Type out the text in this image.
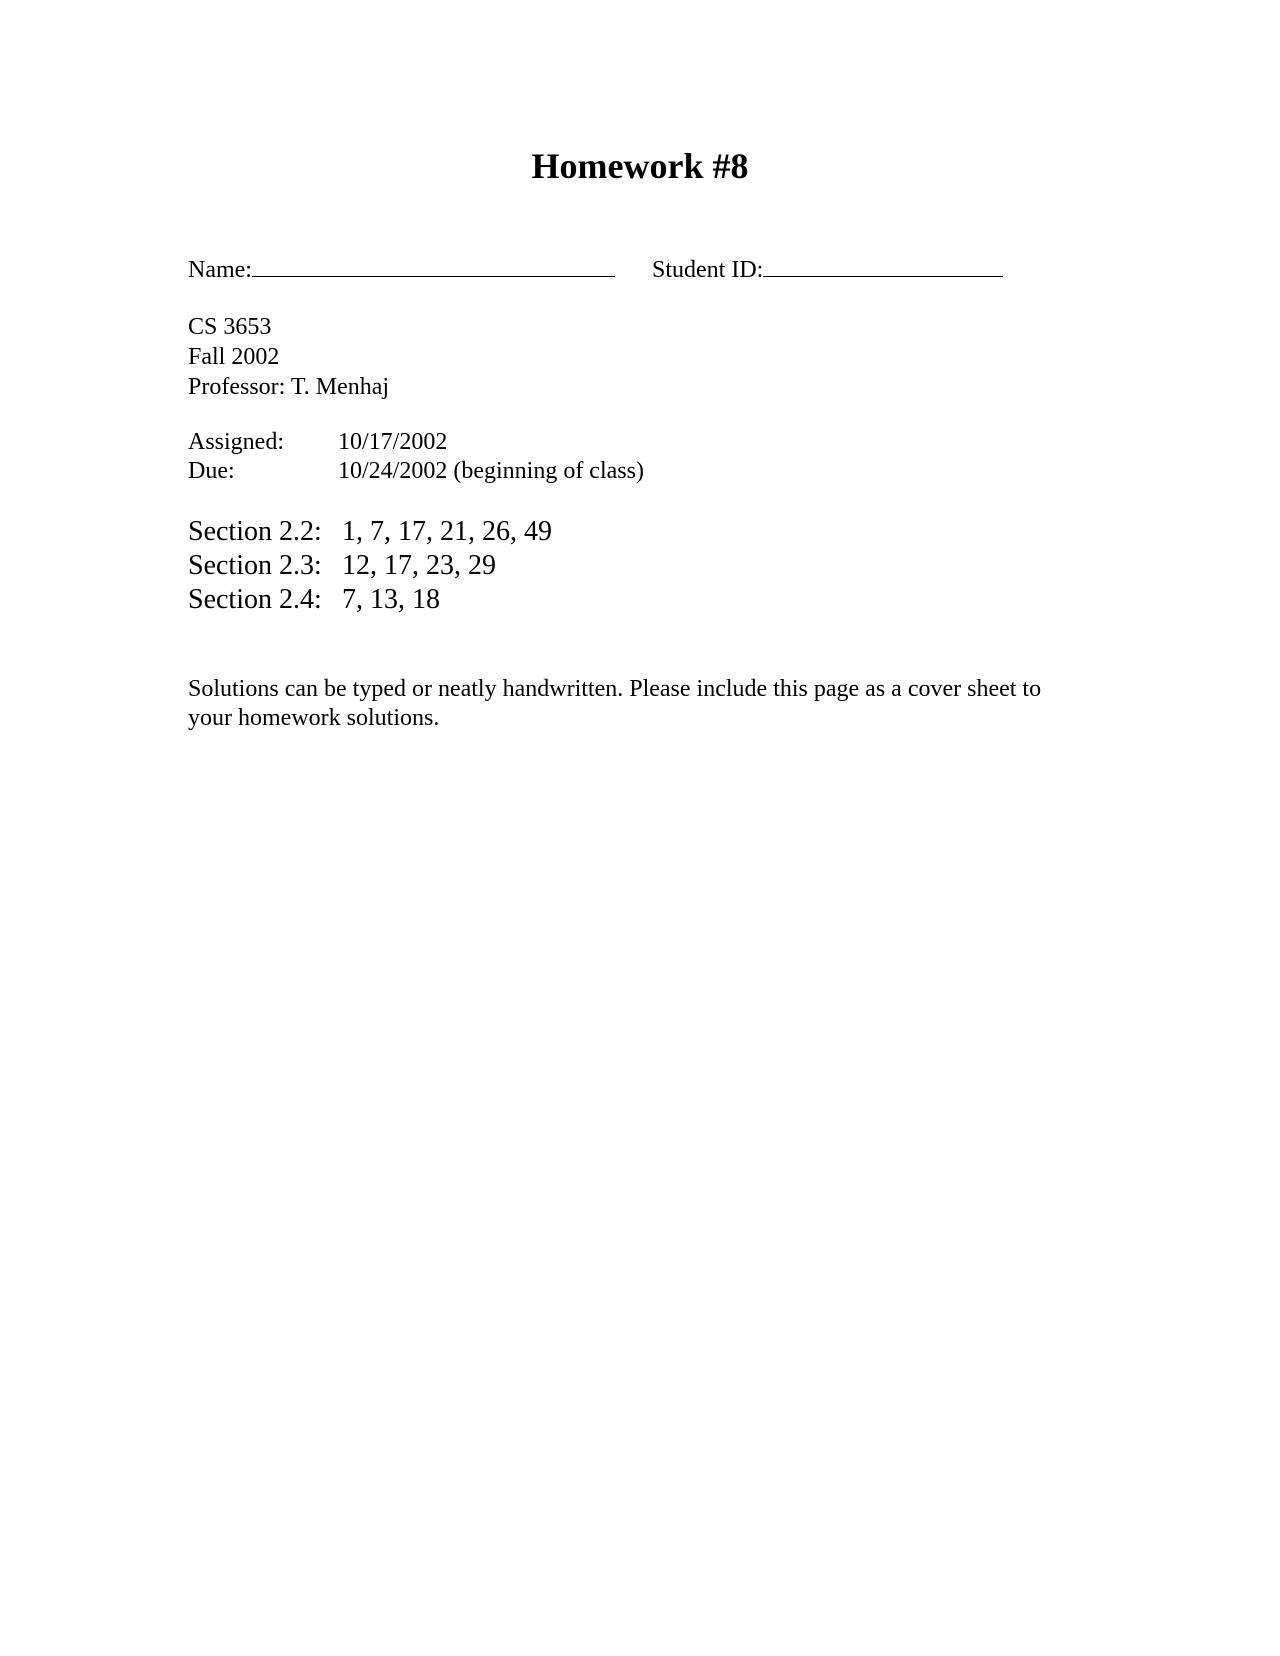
Homework #8
Name:	Student ID:
CS 3653
Fall 2002
Professor: T. Menhaj
Assigned: 10/17/2002
Due:	10/24/2002 (beginning of class)
Section 2.2: 1, 7, 17, 21, 26, 49
Section 2.3: 12, 17, 23, 29
Section 2.4: 7, 13, 18
Solutions can be typed or neatly handwritten. Please include this page as a cover sheet to your homework solutions.
